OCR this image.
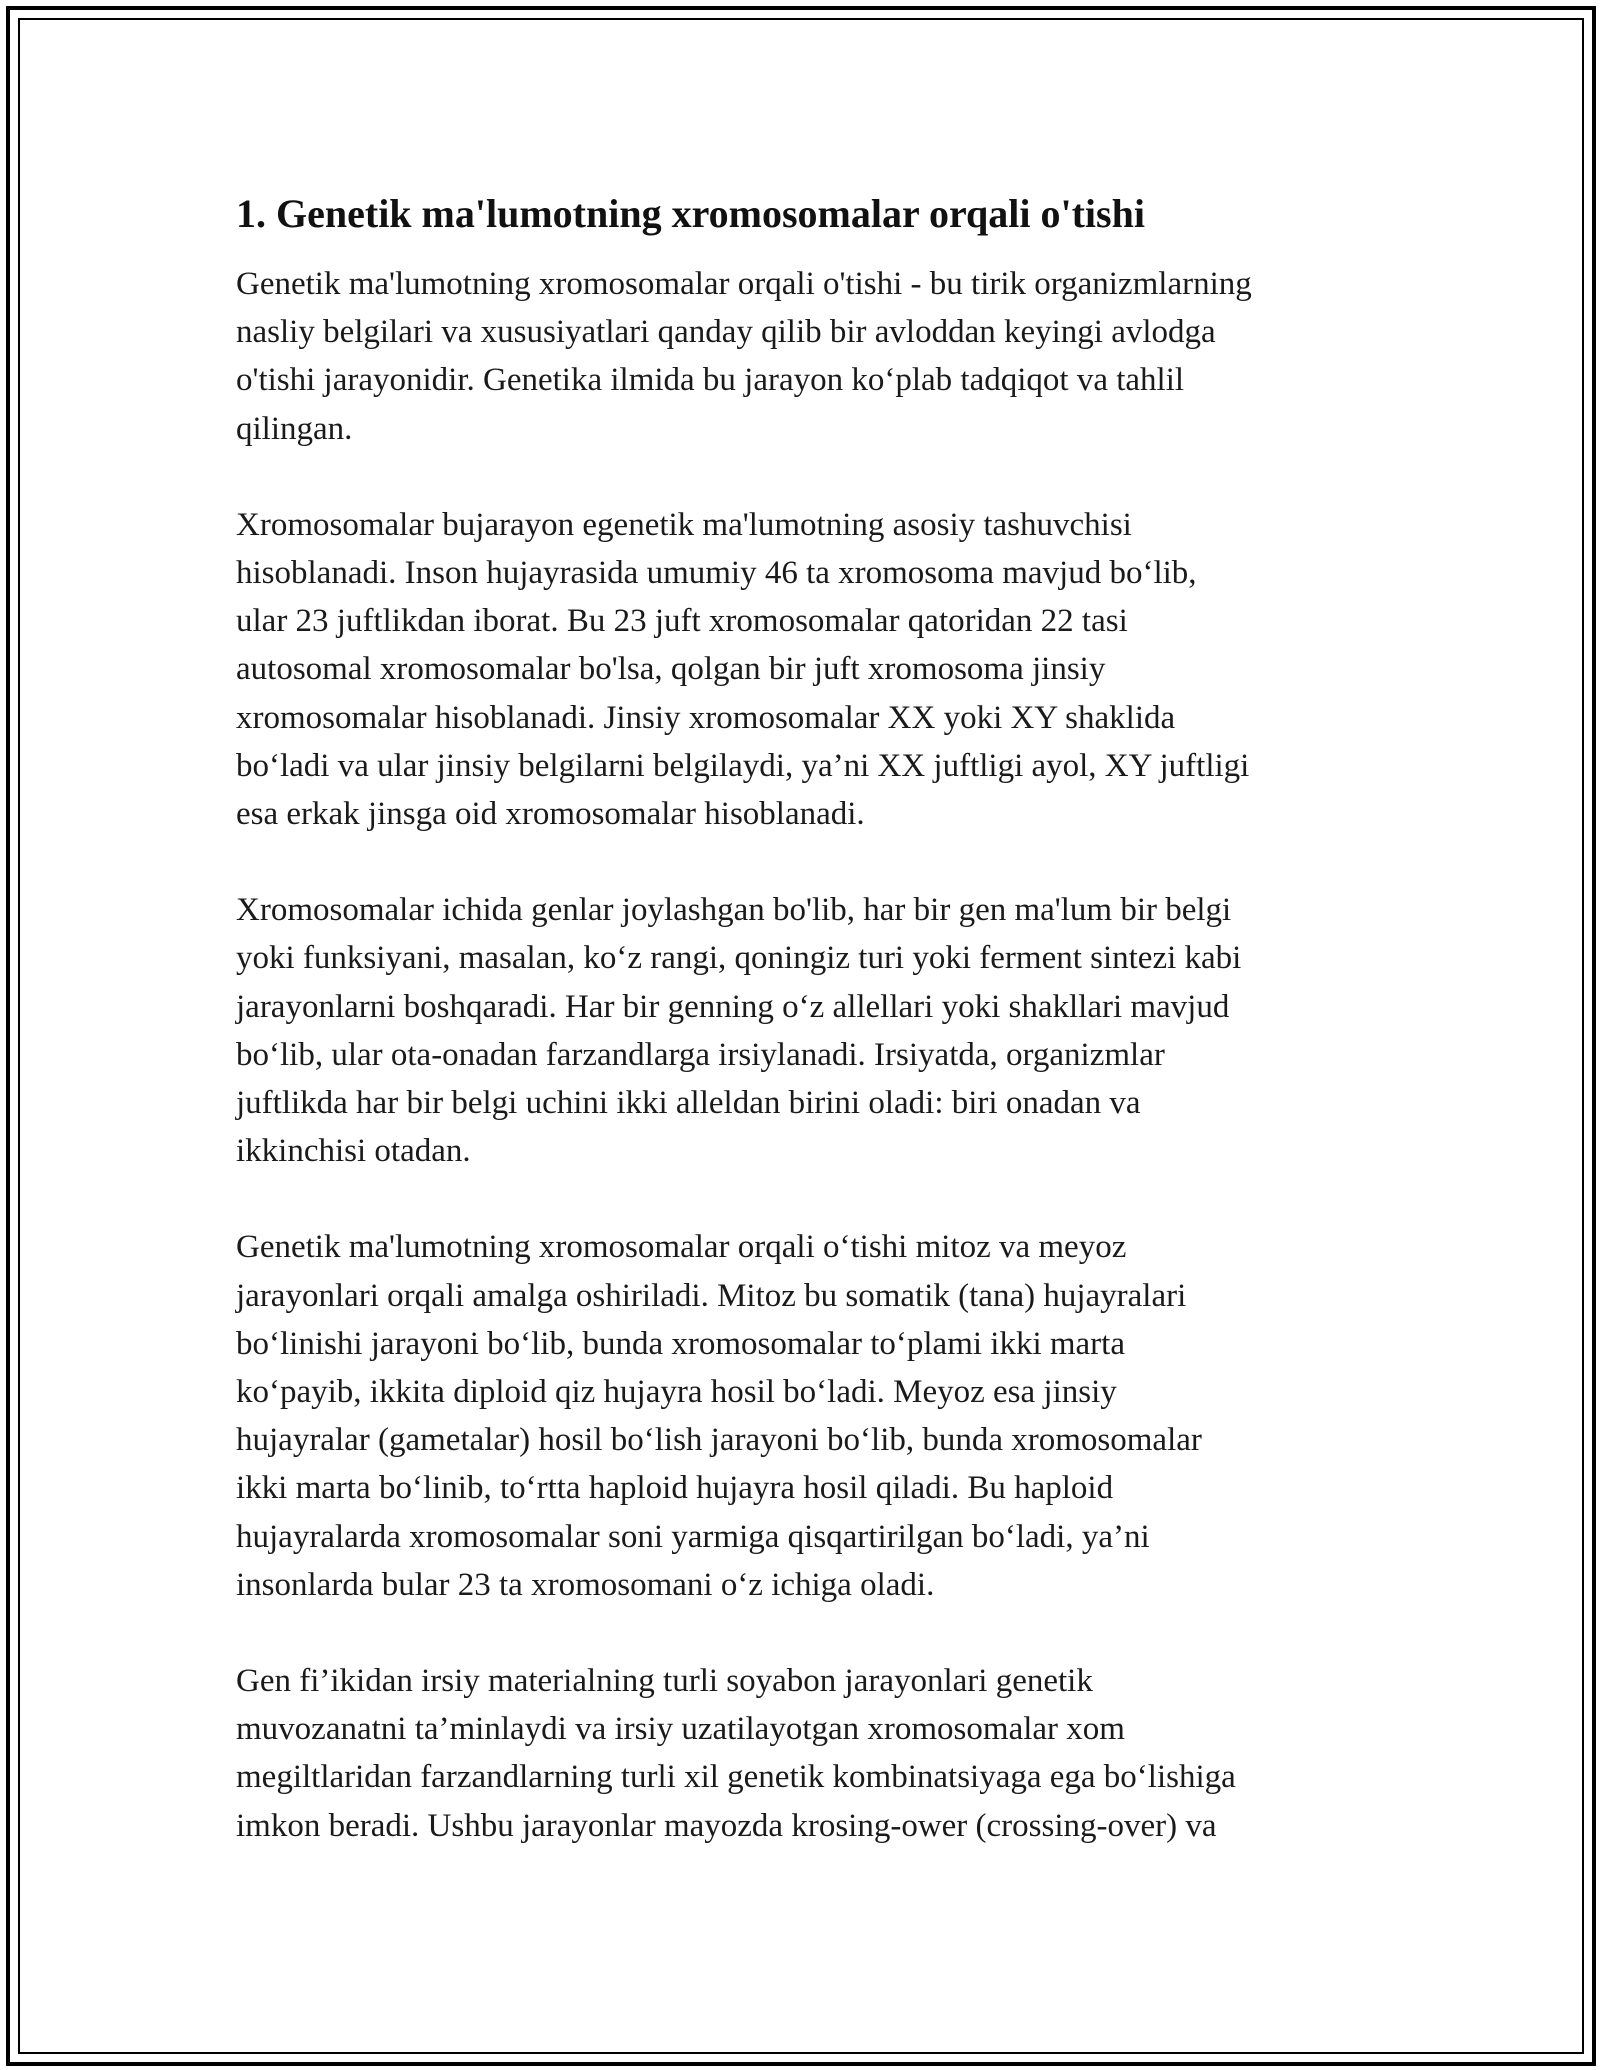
1. Genetik ma'lumotning xromosomalar orqali o'tishi

Genetik ma'lumotning xromosomalar orqali o'tishi - bu tirik organizmlarning
nasliy belgilari va xususiyatlari qanday qilib bir avloddan keyingi avlodga
o'tishi jarayonidir. Genetika ilmida bu jarayon ko‘plab tadqiqot va tahlil
qilingan.

Xromosomalar bujarayon egenetik ma'lumotning asosiy tashuvchisi
hisoblanadi. Inson hujayrasida umumiy 46 ta xromosoma mavjud bo‘lib,
ular 23 juftlikdan iborat. Bu 23 juft xromosomalar qatoridan 22 tasi
autosomal xromosomalar bo'lsa, qolgan bir juft xromosoma jinsiy
xromosomalar hisoblanadi. Jinsiy xromosomalar XX yoki XY shaklida
bo‘ladi va ular jinsiy belgilarni belgilaydi, ya’ni XX juftligi ayol, XY juftligi
esa erkak jinsga oid xromosomalar hisoblanadi.

Xromosomalar ichida genlar joylashgan bo'lib, har bir gen ma'lum bir belgi
yoki funksiyani, masalan, ko‘z rangi, qoningiz turi yoki ferment sintezi kabi
jarayonlarni boshqaradi. Har bir genning o‘z allellari yoki shakllari mavjud
bo‘lib, ular ota-onadan farzandlarga irsiylanadi. Irsiyatda, organizmlar
juftlikda har bir belgi uchini ikki alleldan birini oladi: biri onadan va
ikkinchisi otadan.

Genetik ma'lumotning xromosomalar orqali o‘tishi mitoz va meyoz
jarayonlari orqali amalga oshiriladi. Mitoz bu somatik (tana) hujayralari
bo‘linishi jarayoni bo‘lib, bunda xromosomalar to‘plami ikki marta
ko‘payib, ikkita diploid qiz hujayra hosil bo‘ladi. Meyoz esa jinsiy
hujayralar (gametalar) hosil bo‘lish jarayoni bo‘lib, bunda xromosomalar
ikki marta bo‘linib, to‘rtta haploid hujayra hosil qiladi. Bu haploid
hujayralarda xromosomalar soni yarmiga qisqartirilgan bo‘ladi, ya’ni
insonlarda bular 23 ta xromosomani o‘z ichiga oladi.

Gen fi’ikidan irsiy materialning turli soyabon jarayonlari genetik
muvozanatni ta’minlaydi va irsiy uzatilayotgan xromosomalar xom
megiltlaridan farzandlarning turli xil genetik kombinatsiyaga ega bo‘lishiga
imkon beradi. Ushbu jarayonlar mayozda krosing-ower (crossing-over) va
